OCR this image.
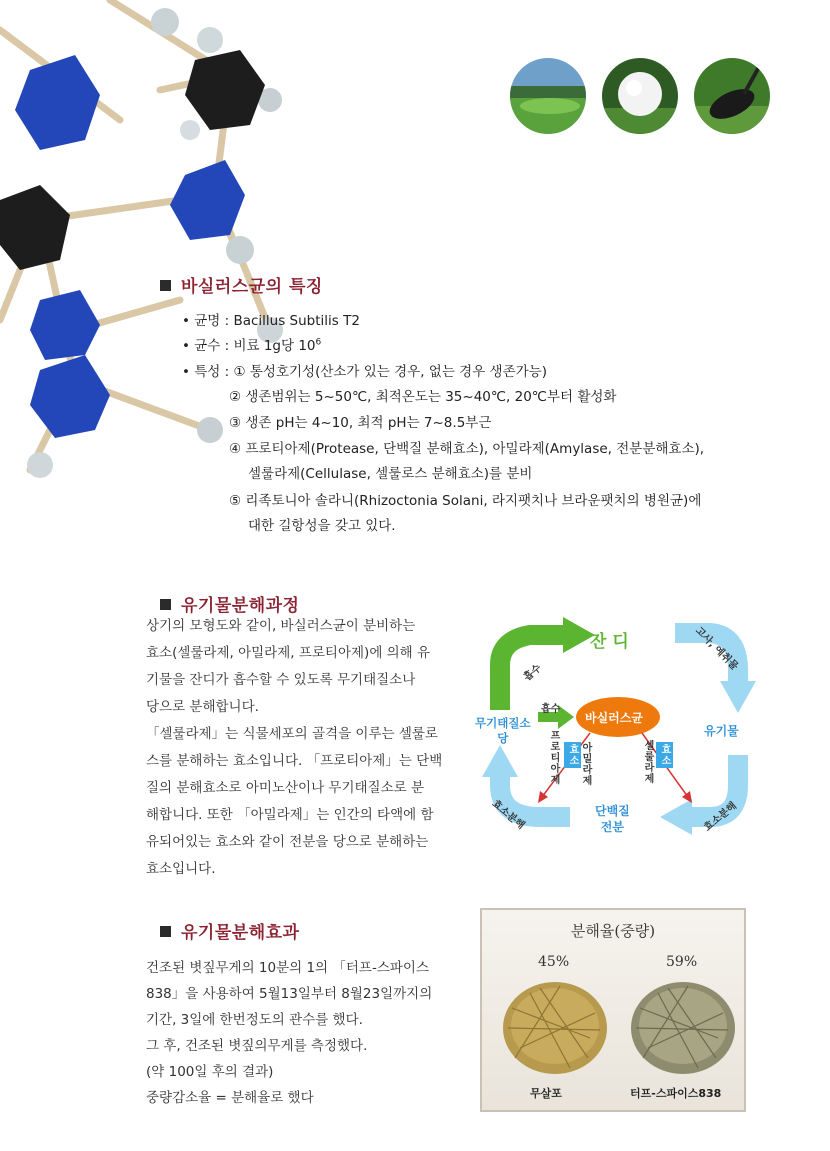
바실러스균의 특징
• 균명 : Bacillus Subtilis T2
• 균수 : 비료 1g당 $10^6$
• 특성 : ① 통성호기성(산소가 있는 경우, 없는 경우 생존가능)
② 생존범위는 5~50℃, 최적온도는 35~40℃, 20℃부터 활성화
③ 생존 pH는 4~10, 최적 pH는 7~8.5부근
④ 프로티아제(Protease, 단백질 분해효소), 아밀라제(Amylase, 전분분해효소),
셀룰라제(Cellulase, 셀룰로스 분해효소)를 분비
⑤ 리족토니아 솔라니(Rhizoctonia Solani, 라지팻치나 브라운팻치의 병원균)에
대한 길항성을 갖고 있다.
유기물분해과정
상기의 모형도와 같이, 바실러스균이 분비하는
효소(셀룰라제, 아밀라제, 프로티아제)에 의해 유
기물을 잔디가 흡수할 수 있도록 무기태질소나
당으로 분해합니다.
「셀룰라제」는 식물세포의 골격을 이루는 셀룰로
스를 분해하는 효소입니다. 「프로티아제」는 단백
질의 분해효소로 아미노산이나 무기태질소로 분
해합니다. 또한 「아밀라제」는 인간의 타액에 함
유되어있는 효소와 같이 전분을 당으로 분해하는
효소입니다.
잔 디
바실러스균
유기물
무기태질소
당
단백질
전분
흡수
흡수
고사, 예취물
효소분해	효소분해
프로티아제 효소 아밀라제	셀룰라제 효소
유기물분해효과
건조된 볏짚무게의 10분의 1의 「터프-스파이스
838」을 사용하여 5월13일부터 8월23일까지의
기간, 3일에 한번정도의 관수를 했다.
그 후, 건조된 볏짚의무게를 측정했다.
(약 100일 후의 결과)
중량감소율 = 분해율로 했다
분해율(중량)
45%	59%
무살포	터프-스파이스838
